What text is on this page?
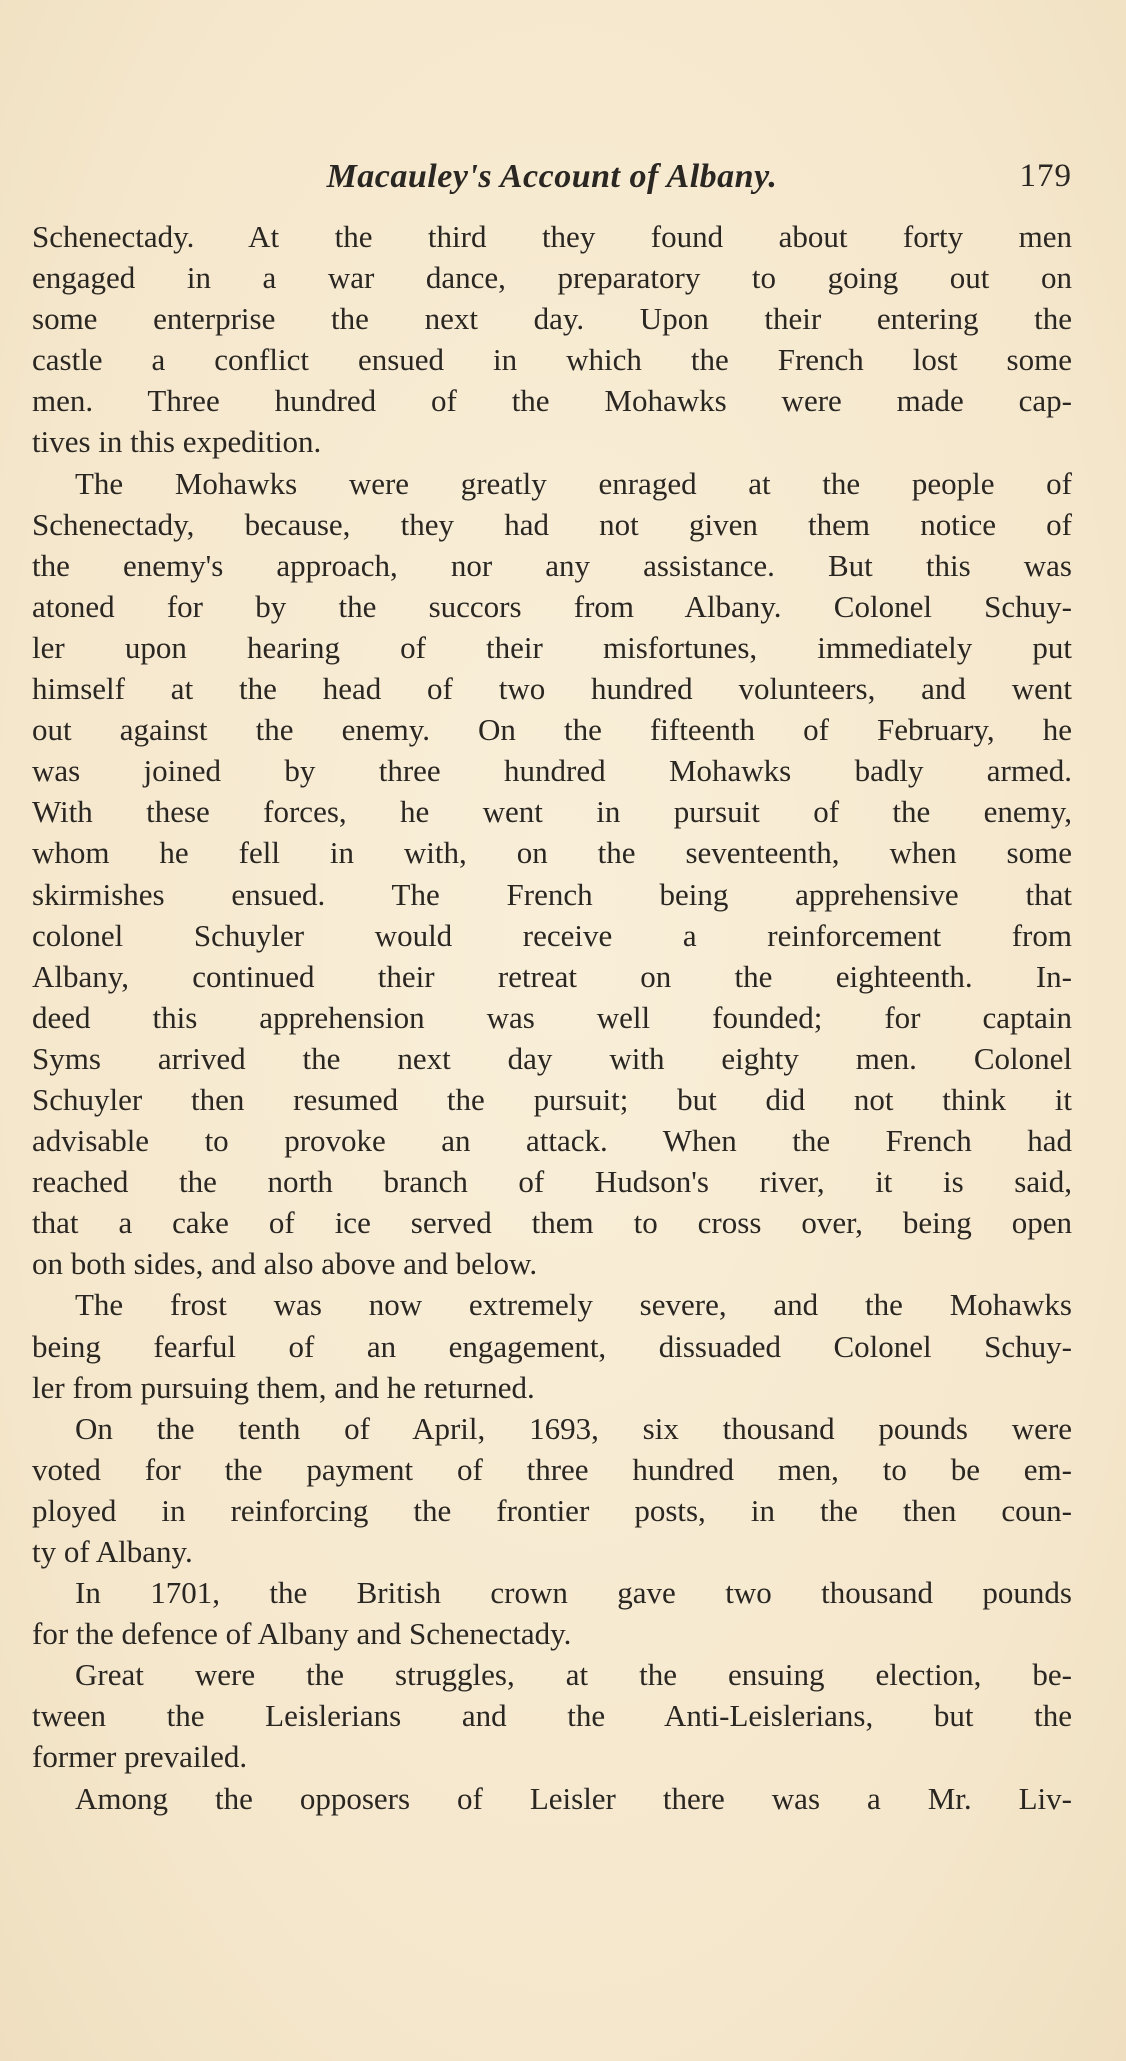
Macauley's Account of Albany.	179
Schenectady. At the third they found about forty men
engaged in a war dance, preparatory to going out on
some enterprise the next day. Upon their entering the
castle a conflict ensued in which the French lost some
men. Three hundred of the Mohawks were made cap-
tives in this expedition.
The Mohawks were greatly enraged at the people of
Schenectady, because, they had not given them notice of
the enemy's approach, nor any assistance. But this was
atoned for by the succors from Albany. Colonel Schuy-
ler upon hearing of their misfortunes, immediately put
himself at the head of two hundred volunteers, and went
out against the enemy. On the fifteenth of February, he
was joined by three hundred Mohawks badly armed.
With these forces, he went in pursuit of the enemy,
whom he fell in with, on the seventeenth, when some
skirmishes ensued. The French being apprehensive that
colonel Schuyler would receive a reinforcement from
Albany, continued their retreat on the eighteenth. In-
deed this apprehension was well founded; for captain
Syms arrived the next day with eighty men. Colonel
Schuyler then resumed the pursuit; but did not think it
advisable to provoke an attack. When the French had
reached the north branch of Hudson's river, it is said,
that a cake of ice served them to cross over, being open
on both sides, and also above and below.
The frost was now extremely severe, and the Mohawks
being fearful of an engagement, dissuaded Colonel Schuy-
ler from pursuing them, and he returned.
On the tenth of April, 1693, six thousand pounds were
voted for the payment of three hundred men, to be em-
ployed in reinforcing the frontier posts, in the then coun-
ty of Albany.
In 1701, the British crown gave two thousand pounds
for the defence of Albany and Schenectady.
Great were the struggles, at the ensuing election, be-
tween the Leislerians and the Anti-Leislerians, but the
former prevailed.
Among the opposers of Leisler there was a Mr. Liv-
